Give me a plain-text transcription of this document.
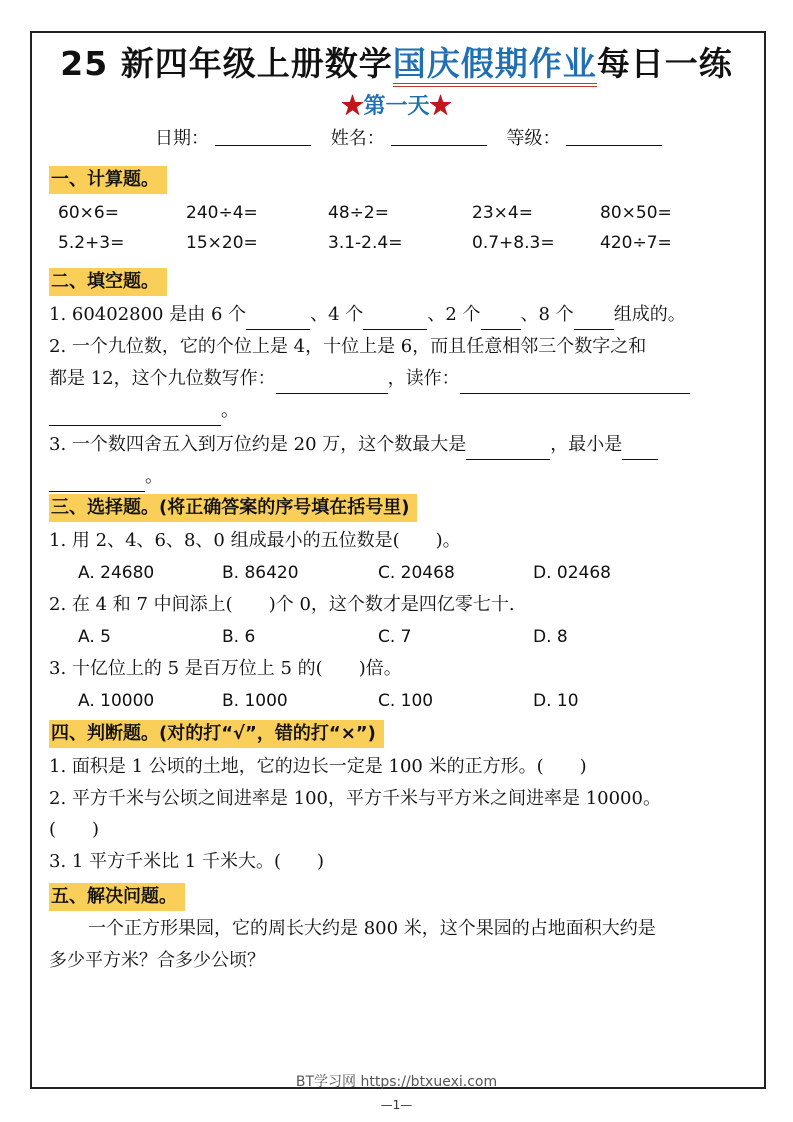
25 新四年级上册数学国庆假期作业每日一练
★第一天★
日期：	姓名：	等级：
一、计算题。
60×6=	240÷4=	48÷2=	23×4=	80×50=
5.2+3=	15×20=	3.1-2.4=	0.7+8.3=	420÷7=
二、填空题。
1. 60402800 是由 6 个	、4 个	、2 个 、8 个 组成的。
2. 一个九位数，它的个位上是 4，十位上是 6，而且任意相邻三个数字之和
都是 12，这个九位数写作：	，读作：
。
3. 一个数四舍五入到万位约是 20 万，这个数最大是	，最小是
。
三、选择题。(将正确答案的序号填在括号里)
1. 用 2、4、6、8、0 组成最小的五位数是(　　)。
A. 24680	B. 86420	C. 20468	D. 02468
2. 在 4 和 7 中间添上(　　)个 0，这个数才是四亿零七十.
A. 5	B. 6	C. 7	D. 8
3. 十亿位上的 5 是百万位上 5 的(　　)倍。
A. 10000	B. 1000	C. 100	D. 10
四、判断题。(对的打“√”，错的打“×”)
1. 面积是 1 公顷的土地，它的边长一定是 100 米的正方形。(　　)
2. 平方千米与公顷之间进率是 100，平方千米与平方米之间进率是 10000。
(　　)
3. 1 平方千米比 1 千米大。(　　)
五、解决问题。
一个正方形果园，它的周长大约是 800 米，这个果园的占地面积大约是
多少平方米？合多少公顷？
BT学习网 https://btxuexi.com
—1—
